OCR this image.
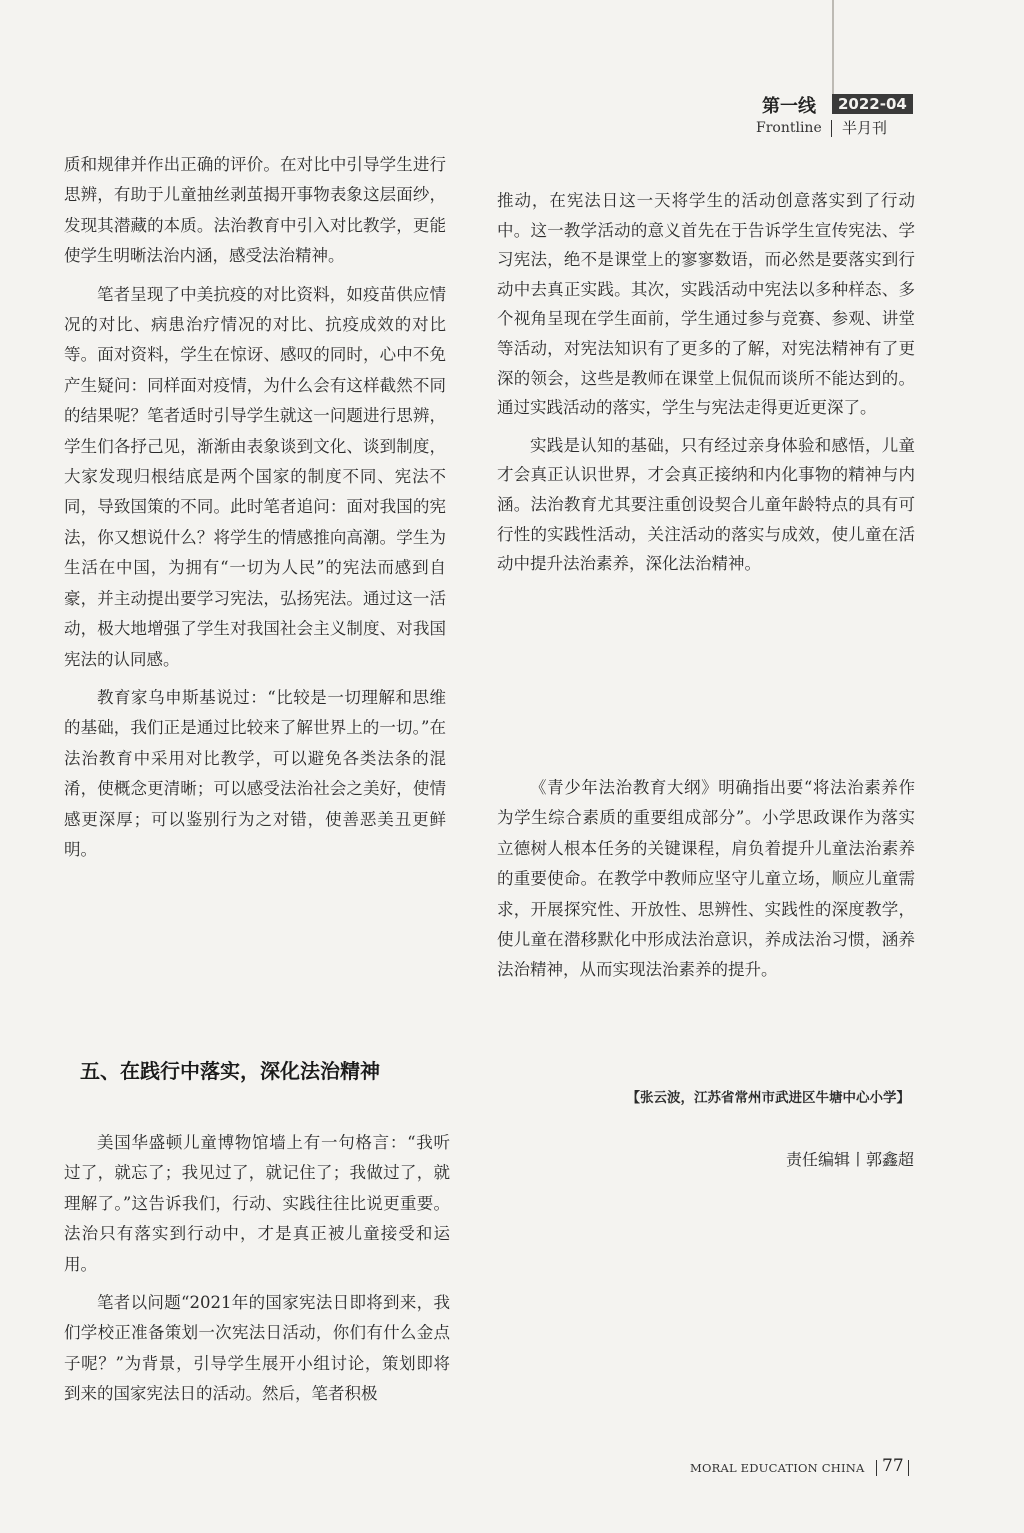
第一线	2022-04
Frontline 半月刊

质和规律并作出正确的评价。在对比中引导学生进行思辨，有助于儿童抽丝剥茧揭开事物表象这层面纱，发现其潜藏的本质。法治教育中引入对比教学，更能使学生明晰法治内涵，感受法治精神。

笔者呈现了中美抗疫的对比资料，如疫苗供应情况的对比、病患治疗情况的对比、抗疫成效的对比等。面对资料，学生在惊讶、感叹的同时，心中不免产生疑问：同样面对疫情，为什么会有这样截然不同的结果呢？笔者适时引导学生就这一问题进行思辨，学生们各抒己见，渐渐由表象谈到文化、谈到制度，大家发现归根结底是两个国家的制度不同、宪法不同，导致国策的不同。此时笔者追问：面对我国的宪法，你又想说什么？将学生的情感推向高潮。学生为生活在中国，为拥有“一切为人民”的宪法而感到自豪，并主动提出要学习宪法，弘扬宪法。通过这一活动，极大地增强了学生对我国社会主义制度、对我国宪法的认同感。

教育家乌申斯基说过：“比较是一切理解和思维的基础，我们正是通过比较来了解世界上的一切。”在法治教育中采用对比教学，可以避免各类法条的混淆，使概念更清晰；可以感受法治社会之美好，使情感更深厚；可以鉴别行为之对错，使善恶美丑更鲜明。

五、在践行中落实，深化法治精神

美国华盛顿儿童博物馆墙上有一句格言：“我听过了，就忘了；我见过了，就记住了；我做过了，就理解了。”这告诉我们，行动、实践往往比说更重要。法治只有落实到行动中，才是真正被儿童接受和运用。

笔者以问题“2021年的国家宪法日即将到来，我们学校正准备策划一次宪法日活动，你们有什么金点子呢？”为背景，引导学生展开小组讨论，策划即将到来的国家宪法日的活动。然后，笔者积极

推动，在宪法日这一天将学生的活动创意落实到了行动中。这一教学活动的意义首先在于告诉学生宣传宪法、学习宪法，绝不是课堂上的寥寥数语，而必然是要落实到行动中去真正实践。其次，实践活动中宪法以多种样态、多个视角呈现在学生面前，学生通过参与竞赛、参观、讲堂等活动，对宪法知识有了更多的了解，对宪法精神有了更深的领会，这些是教师在课堂上侃侃而谈所不能达到的。通过实践活动的落实，学生与宪法走得更近更深了。

实践是认知的基础，只有经过亲身体验和感悟，儿童才会真正认识世界，才会真正接纳和内化事物的精神与内涵。法治教育尤其要注重创设契合儿童年龄特点的具有可行性的实践性活动，关注活动的落实与成效，使儿童在活动中提升法治素养，深化法治精神。

《青少年法治教育大纲》明确指出要“将法治素养作为学生综合素质的重要组成部分”。小学思政课作为落实立德树人根本任务的关键课程，肩负着提升儿童法治素养的重要使命。在教学中教师应坚守儿童立场，顺应儿童需求，开展探究性、开放性、思辨性、实践性的深度教学，使儿童在潜移默化中形成法治意识，养成法治习惯，涵养法治精神，从而实现法治素养的提升。

【张云波，江苏省常州市武进区牛塘中心小学】
责任编辑丨郭鑫超
MORAL EDUCATION CHINA 77
